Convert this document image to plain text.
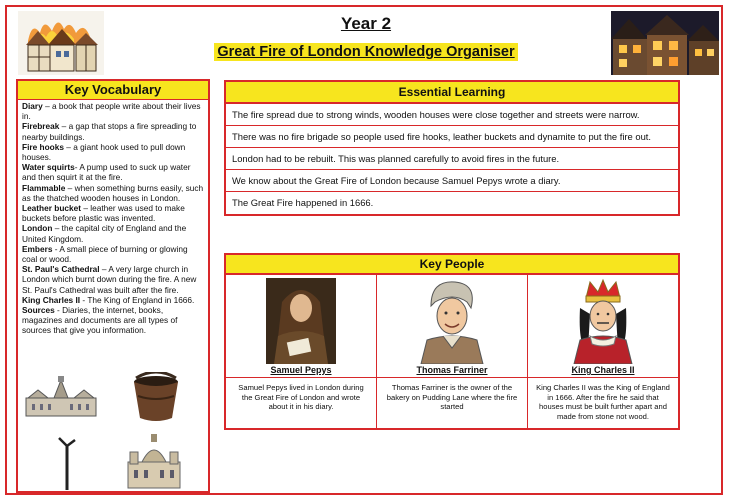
Year 2
Great Fire of London Knowledge Organiser
Key Vocabulary

Diary – a book that people write about their lives in.

Firebreak – a gap that stops a fire spreading to nearby buildings.

Fire hooks – a giant hook used to pull down houses.

Water squirts- A pump used to suck up water and then squirt it at the fire.

Flammable – when something burns easily, such as the thatched wooden houses in London.

Leather bucket – leather was used to make buckets before plastic was invented.

London – the capital city of England and the United Kingdom.

Embers - A small piece of burning or glowing coal or wood.

St. Paul's Cathedral – A very large church in London which burnt down during the fire. A new St. Paul's Cathedral was built after the fire.

King Charles II - The King of England in 1666.

Sources - Diaries, the internet, books, magazines and documents are all types of sources that give you information.

Essential Learning
The fire spread due to strong winds, wooden houses were close together and streets were narrow.
There was no fire brigade so people used fire hooks, leather buckets and dynamite to put the fire out.
London had to be rebuilt. This was planned carefully to avoid fires in the future.
We know about the Great Fire of London because Samuel Pepys wrote a diary.
The Great Fire happened in 1666.
Key People
Samuel Pepys
Samuel Pepys lived in London during the Great Fire of London and wrote about it in his diary.
Thomas Farriner
Thomas Farriner is the owner of the bakery on Pudding Lane where the fire started
King Charles II
King Charles II was the King of England in 1666. After the fire he said that houses must be built further apart and made from stone not wood.
